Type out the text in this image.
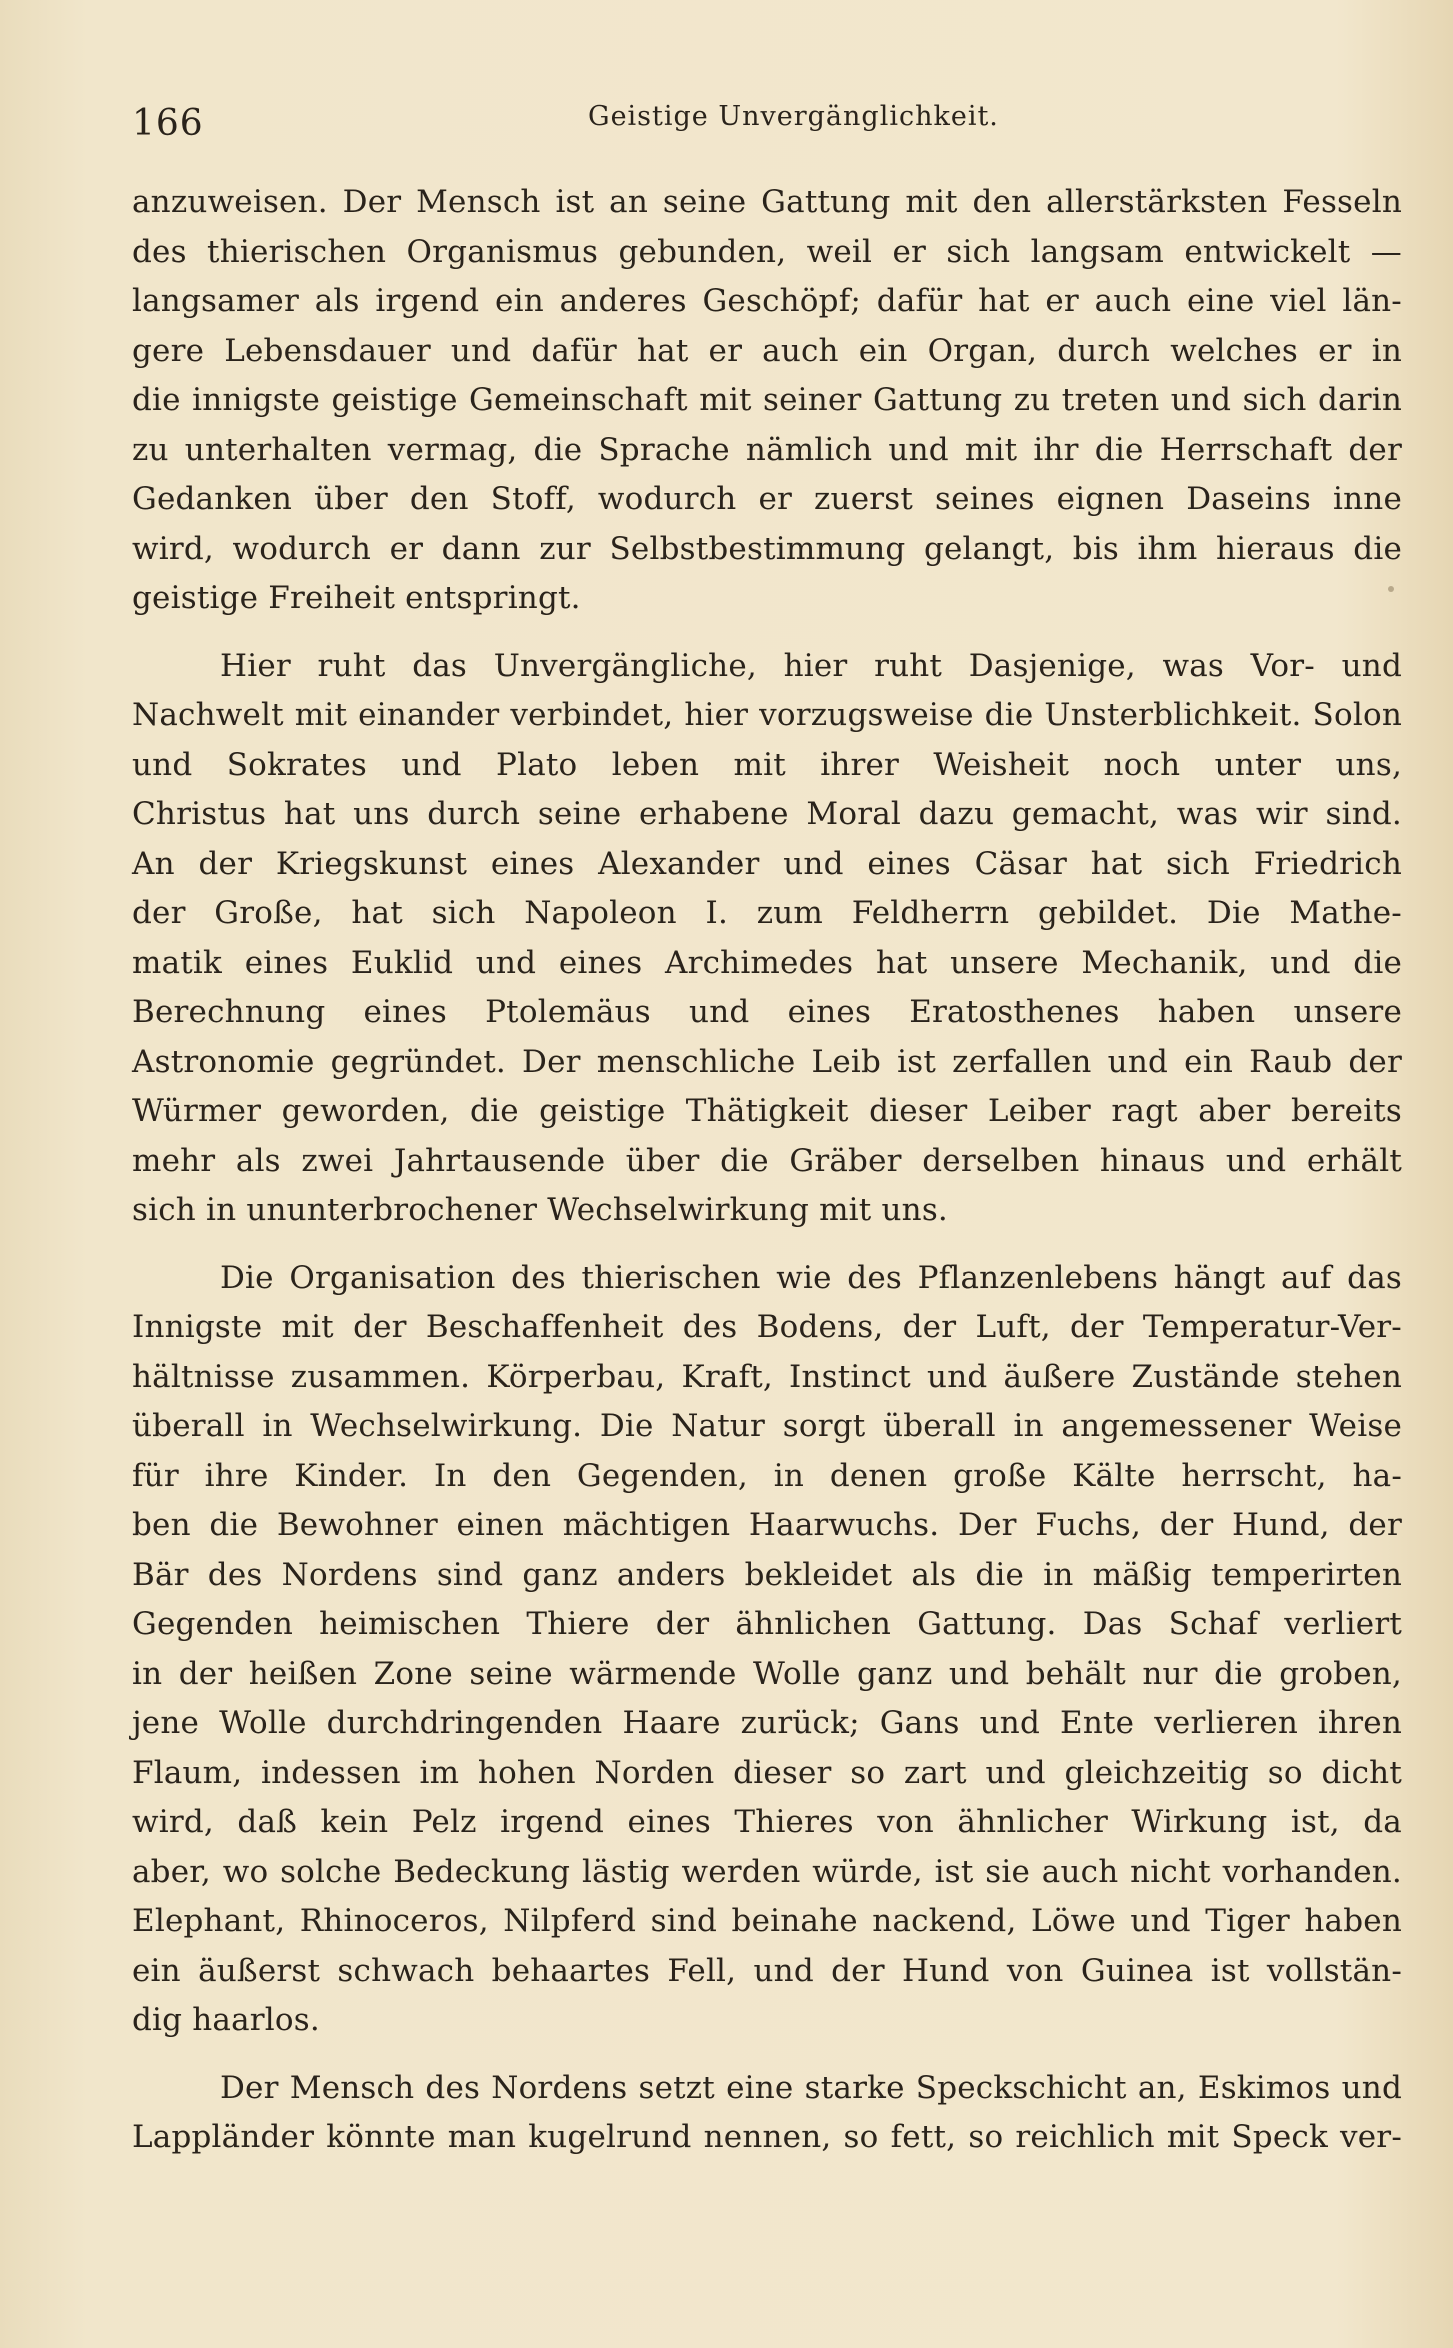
166	Geistige Unvergänglichkeit.
anzuweisen. Der Mensch ist an seine Gattung mit den allerstärksten Fesseln
des thierischen Organismus gebunden, weil er sich langsam entwickelt —
langsamer als irgend ein anderes Geschöpf; dafür hat er auch eine viel län-
gere Lebensdauer und dafür hat er auch ein Organ, durch welches er in
die innigste geistige Gemeinschaft mit seiner Gattung zu treten und sich darin
zu unterhalten vermag, die Sprache nämlich und mit ihr die Herrschaft der
Gedanken über den Stoff, wodurch er zuerst seines eignen Daseins inne
wird, wodurch er dann zur Selbstbestimmung gelangt, bis ihm hieraus die
geistige Freiheit entspringt.
Hier ruht das Unvergängliche, hier ruht Dasjenige, was Vor- und
Nachwelt mit einander verbindet, hier vorzugsweise die Unsterblichkeit. Solon
und Sokrates und Plato leben mit ihrer Weisheit noch unter uns,
Christus hat uns durch seine erhabene Moral dazu gemacht, was wir sind.
An der Kriegskunst eines Alexander und eines Cäsar hat sich Friedrich
der Große, hat sich Napoleon I. zum Feldherrn gebildet. Die Mathe-
matik eines Euklid und eines Archimedes hat unsere Mechanik, und die
Berechnung eines Ptolemäus und eines Eratosthenes haben unsere
Astronomie gegründet. Der menschliche Leib ist zerfallen und ein Raub der
Würmer geworden, die geistige Thätigkeit dieser Leiber ragt aber bereits
mehr als zwei Jahrtausende über die Gräber derselben hinaus und erhält
sich in ununterbrochener Wechselwirkung mit uns.
Die Organisation des thierischen wie des Pflanzenlebens hängt auf das
Innigste mit der Beschaffenheit des Bodens, der Luft, der Temperatur-Ver-
hältnisse zusammen. Körperbau, Kraft, Instinct und äußere Zustände stehen
überall in Wechselwirkung. Die Natur sorgt überall in angemessener Weise
für ihre Kinder. In den Gegenden, in denen große Kälte herrscht, ha-
ben die Bewohner einen mächtigen Haarwuchs. Der Fuchs, der Hund, der
Bär des Nordens sind ganz anders bekleidet als die in mäßig temperirten
Gegenden heimischen Thiere der ähnlichen Gattung. Das Schaf verliert
in der heißen Zone seine wärmende Wolle ganz und behält nur die groben,
jene Wolle durchdringenden Haare zurück; Gans und Ente verlieren ihren
Flaum, indessen im hohen Norden dieser so zart und gleichzeitig so dicht
wird, daß kein Pelz irgend eines Thieres von ähnlicher Wirkung ist, da
aber, wo solche Bedeckung lästig werden würde, ist sie auch nicht vorhanden.
Elephant, Rhinoceros, Nilpferd sind beinahe nackend, Löwe und Tiger haben
ein äußerst schwach behaartes Fell, und der Hund von Guinea ist vollstän-
dig haarlos.
Der Mensch des Nordens setzt eine starke Speckschicht an, Eskimos und
Lappländer könnte man kugelrund nennen, so fett, so reichlich mit Speck ver-
